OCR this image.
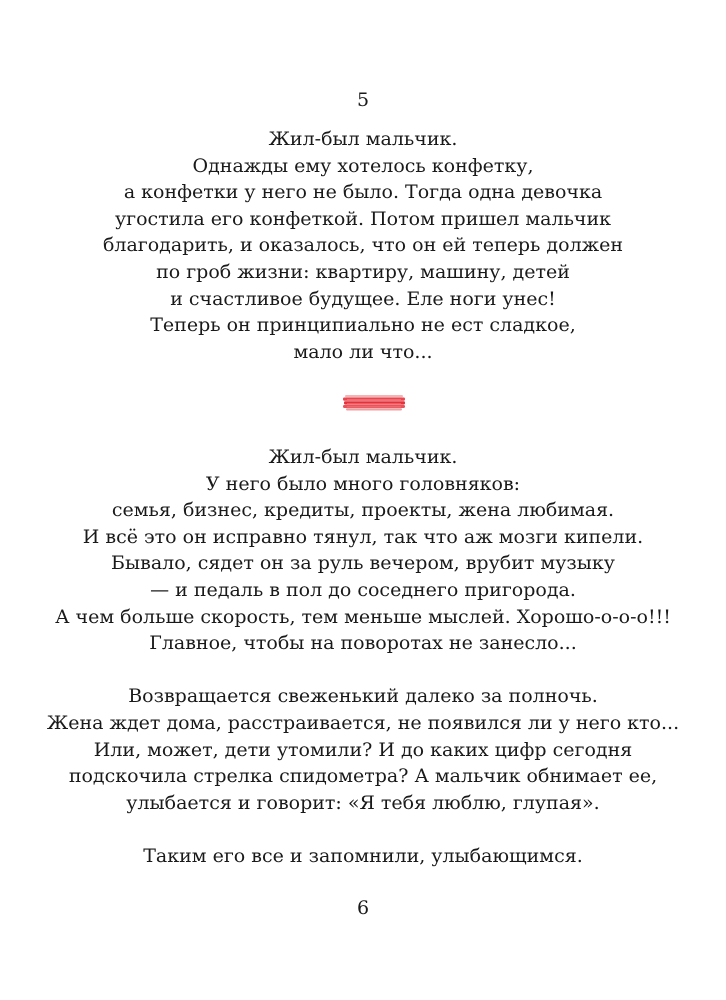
5
Жил-был мальчик.
Однажды ему хотелось конфетку,
а конфетки у него не было. Тогда одна девочка
угостила его конфеткой. Потом пришел мальчик
благодарить, и оказалось, что он ей теперь должен
по гроб жизни: квартиру, машину, детей
и счастливое будущее. Еле ноги унес!
Теперь он принципиально не ест сладкое,
мало ли что...
Жил-был мальчик.
У него было много головняков:
семья, бизнес, кредиты, проекты, жена любимая.
И всё это он исправно тянул, так что аж мозги кипели.
Бывало, сядет он за руль вечером, врубит музыку
— и педаль в пол до соседнего пригорода.
А чем больше скорость, тем меньше мыслей. Хорошо-о-о-о!!!
Главное, чтобы на поворотах не занесло...
Возвращается свеженький далеко за полночь.
Жена ждет дома, расстраивается, не появился ли у него кто...
Или, может, дети утомили? И до каких цифр сегодня
подскочила стрелка спидометра? А мальчик обнимает ее,
улыбается и говорит: «Я тебя люблю, глупая».
Таким его все и запомнили, улыбающимся.
6
